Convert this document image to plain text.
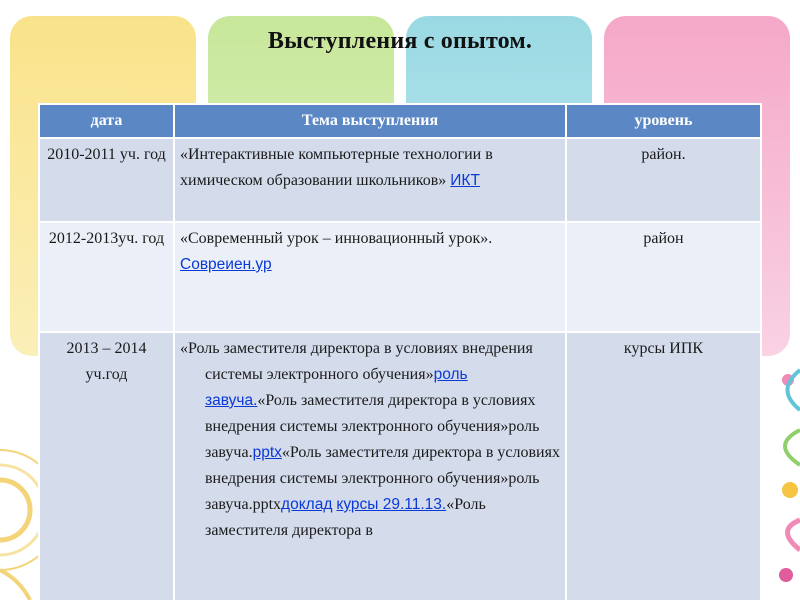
Выступления с опытом.
дата	Тема выступления	уровень
2010-2011 уч. год	«Интерактивные компьютерные технологии в химическом образовании школьников» ИКТ	район.
2012-2013уч. год	«Современный урок – инновационный урок». Совреиен.ур	район
2013 – 2014 уч.год	«Роль заместителя директора в условиях внедрения системы электронного обучения»роль завуча.«Роль заместителя директора в условиях внедрения системы электронного обучения»роль завуча.pptx«Роль заместителя директора в условиях внедрения системы электронного обучения»роль завуча.pptxдоклад курсы 29.11.13.«Роль заместителя директора в	курсы ИПК
